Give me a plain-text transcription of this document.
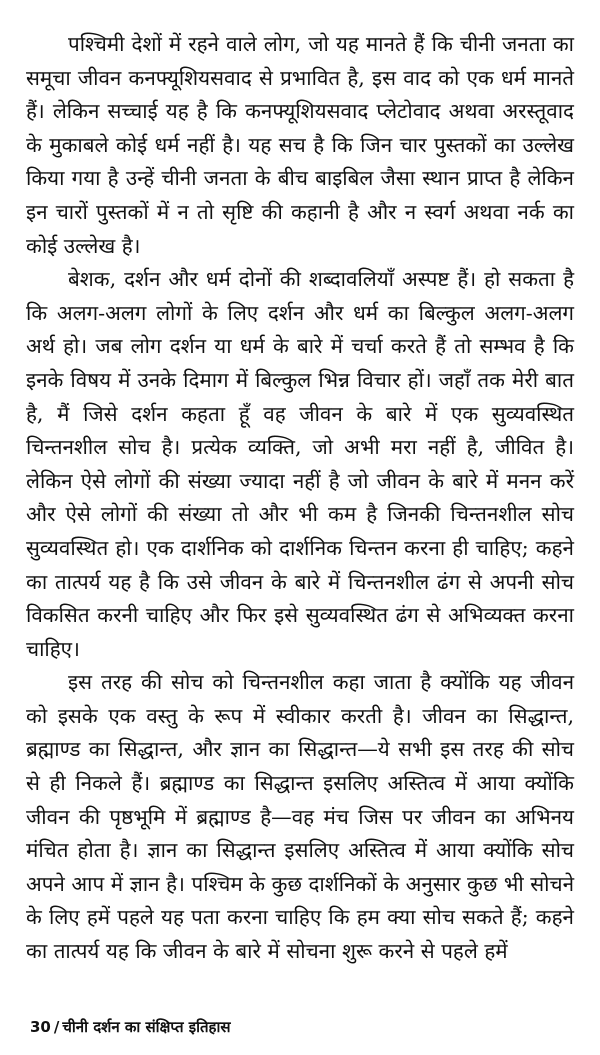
पश्चिमी देशों में रहने वाले लोग, जो यह मानते हैं कि चीनी जनता का समूचा जीवन कनफ्यूशियसवाद से प्रभावित है, इस वाद को एक धर्म मानते हैं। लेकिन सच्चाई यह है कि कनफ्यूशियसवाद प्लेटोवाद अथवा अरस्तूवाद के मुकाबले कोई धर्म नहीं है। यह सच है कि जिन चार पुस्तकों का उल्लेख किया गया है उन्हें चीनी जनता के बीच बाइबिल जैसा स्थान प्राप्त है लेकिन इन चारों पुस्तकों में न तो सृष्टि की कहानी है और न स्वर्ग अथवा नर्क का कोई उल्लेख है।

बेशक, दर्शन और धर्म दोनों की शब्दावलियाँ अस्पष्ट हैं। हो सकता है कि अलग-अलग लोगों के लिए दर्शन और धर्म का बिल्कुल अलग-अलग अर्थ हो। जब लोग दर्शन या धर्म के बारे में चर्चा करते हैं तो सम्भव है कि इनके विषय में उनके दिमाग में बिल्कुल भिन्न विचार हों। जहाँ तक मेरी बात है, मैं जिसे दर्शन कहता हूँ वह जीवन के बारे में एक सुव्यवस्थित चिन्तनशील सोच है। प्रत्येक व्यक्ति, जो अभी मरा नहीं है, जीवित है। लेकिन ऐसे लोगों की संख्या ज्यादा नहीं है जो जीवन के बारे में मनन करें और ऐसे लोगों की संख्या तो और भी कम है जिनकी चिन्तनशील सोच सुव्यवस्थित हो। एक दार्शनिक को दार्शनिक चिन्तन करना ही चाहिए; कहने का तात्पर्य यह है कि उसे जीवन के बारे में चिन्तनशील ढंग से अपनी सोच विकसित करनी चाहिए और फिर इसे सुव्यवस्थित ढंग से अभिव्यक्त करना चाहिए।

इस तरह की सोच को चिन्तनशील कहा जाता है क्योंकि यह जीवन को इसके एक वस्तु के रूप में स्वीकार करती है। जीवन का सिद्धान्त, ब्रह्माण्ड का सिद्धान्त, और ज्ञान का सिद्धान्त—ये सभी इस तरह की सोच से ही निकले हैं। ब्रह्माण्ड का सिद्धान्त इसलिए अस्तित्व में आया क्योंकि जीवन की पृष्ठभूमि में ब्रह्माण्ड है—वह मंच जिस पर जीवन का अभिनय मंचित होता है। ज्ञान का सिद्धान्त इसलिए अस्तित्व में आया क्योंकि सोच अपने आप में ज्ञान है। पश्चिम के कुछ दार्शनिकों के अनुसार कुछ भी सोचने के लिए हमें पहले यह पता करना चाहिए कि हम क्या सोच सकते हैं; कहने का तात्पर्य यह कि जीवन के बारे में सोचना शुरू करने से पहले हमें

30 / चीनी दर्शन का संक्षिप्त इतिहास
